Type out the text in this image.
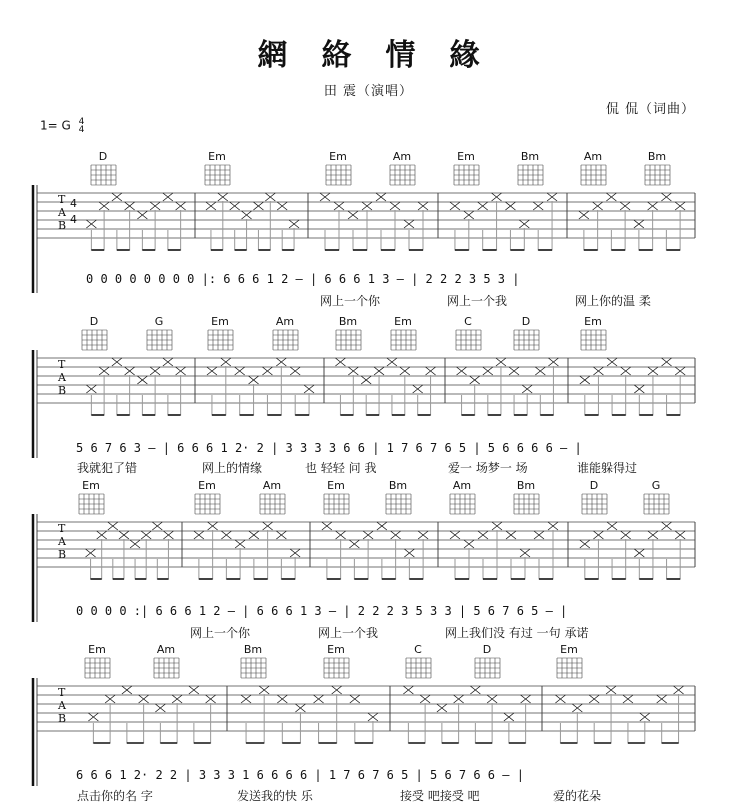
網絡情緣
田 震（演唱）
侃 侃（词曲）
1= G 4
4
T
A
B
4
4
D	Em	Em	Am	Em	Bm	Am	Bm
0 0 0 0 0 0 0 0 |: 6 6 6 1 2 – | 6 6 6 1 3 – | 2 2 2 3 5 3 |
网上一个你	网上一个我	网上你的温 柔
T
A
B
D	G	Em	Am	Bm	Em	C	D	Em
5 6 7 6 3 – | 6 6 6 1 2· 2 | 3 3 3 3 6 6 | 1 7 6 7 6 5 | 5 6 6 6 6 – |
我就犯了错	网上的情缘	也 轻轻 问 我	爱一 场梦一 场	谁能躲得过
T
A
B
Em	Em	Am	Em	Bm	Am	Bm	D	G
0 0 0 0 :| 6 6 6 1 2 – | 6 6 6 1 3 – | 2 2 2 3 5 3 3 | 5 6 7 6 5 – |
网上一个你	网上一个我	网上我们没 有过 一句 承诺
T
A
B
Em	Am	Bm	Em	C	D	Em
6 6 6 1 2· 2 2 | 3 3 3 1 6 6 6 6 | 1 7 6 7 6 5 | 5 6 7 6 6 – |
点击你的名 字	发送我的快 乐	接受 吧接受 吧	爱的花朵
